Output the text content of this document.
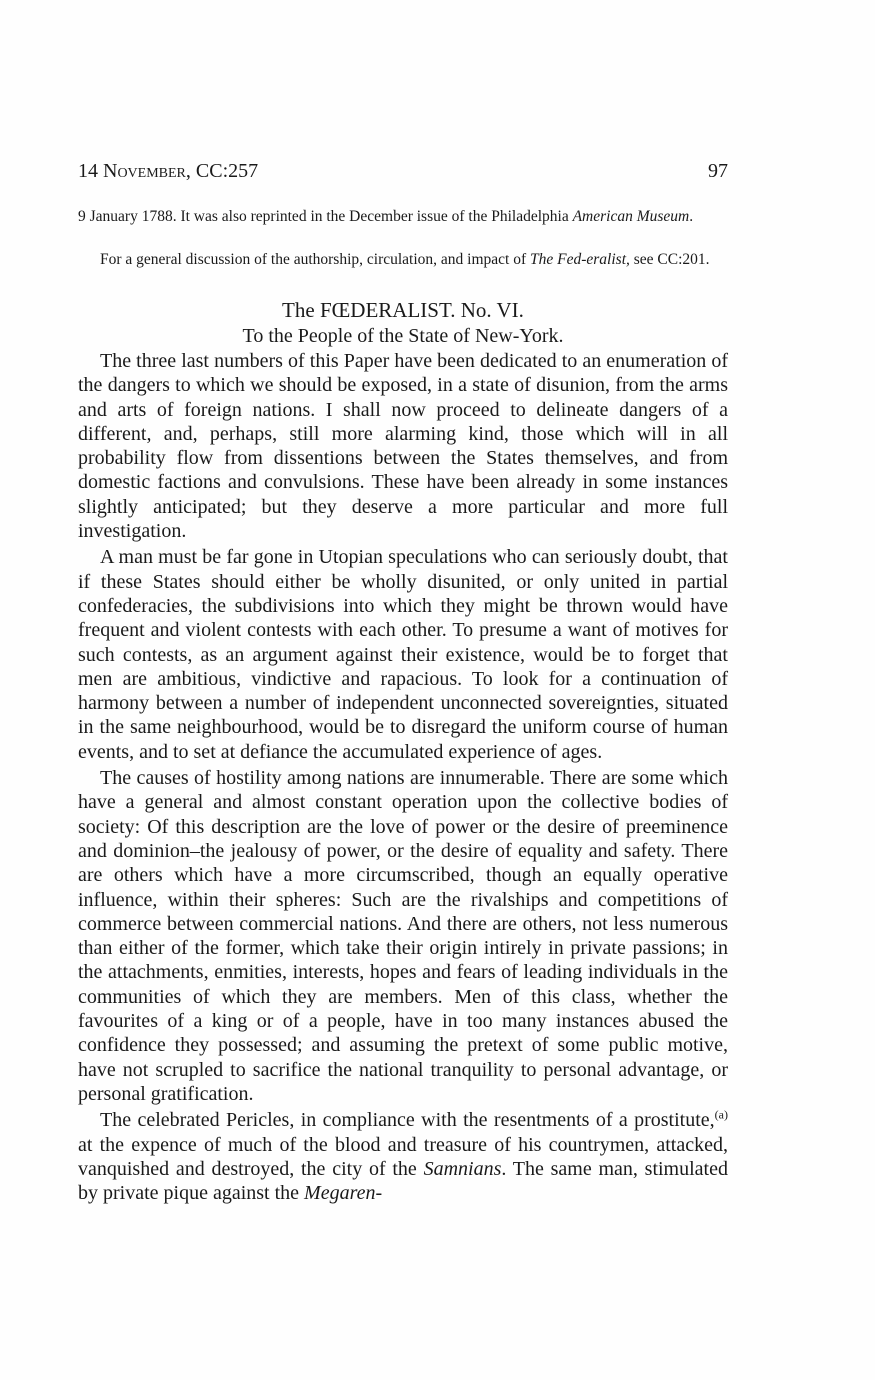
14 November, CC:257	97

9 January 1788. It was also reprinted in the December issue of the Philadelphia American Museum.

For a general discussion of the authorship, circulation, and impact of The Fed-eralist, see CC:201.

The FŒDERALIST. No. VI.
To the People of the State of New-York.

The three last numbers of this Paper have been dedicated to an enumeration of the dangers to which we should be exposed, in a state of disunion, from the arms and arts of foreign nations. I shall now proceed to delineate dangers of a different, and, perhaps, still more alarming kind, those which will in all probability flow from dissentions between the States themselves, and from domestic factions and convulsions. These have been already in some instances slightly anticipated; but they deserve a more particular and more full investigation.

A man must be far gone in Utopian speculations who can seriously doubt, that if these States should either be wholly disunited, or only united in partial confederacies, the subdivisions into which they might be thrown would have frequent and violent contests with each other. To presume a want of motives for such contests, as an argument against their existence, would be to forget that men are ambitious, vindictive and rapacious. To look for a continuation of harmony between a number of independent unconnected sovereignties, situated in the same neighbourhood, would be to disregard the uniform course of human events, and to set at defiance the accumulated experience of ages.

The causes of hostility among nations are innumerable. There are some which have a general and almost constant operation upon the collective bodies of society: Of this description are the love of power or the desire of preeminence and dominion–the jealousy of power, or the desire of equality and safety. There are others which have a more circumscribed, though an equally operative influence, within their spheres: Such are the rivalships and competitions of commerce between commercial nations. And there are others, not less numerous than either of the former, which take their origin intirely in private passions; in the attachments, enmities, interests, hopes and fears of leading individuals in the communities of which they are members. Men of this class, whether the favourites of a king or of a people, have in too many instances abused the confidence they possessed; and assuming the pretext of some public motive, have not scrupled to sacrifice the national tranquility to personal advantage, or personal gratification.

The celebrated Pericles, in compliance with the resentments of a prostitute,$^{(a)}$ at the expence of much of the blood and treasure of his countrymen, attacked, vanquished and destroyed, the city of the Samnians. The same man, stimulated by private pique against the Megaren-
